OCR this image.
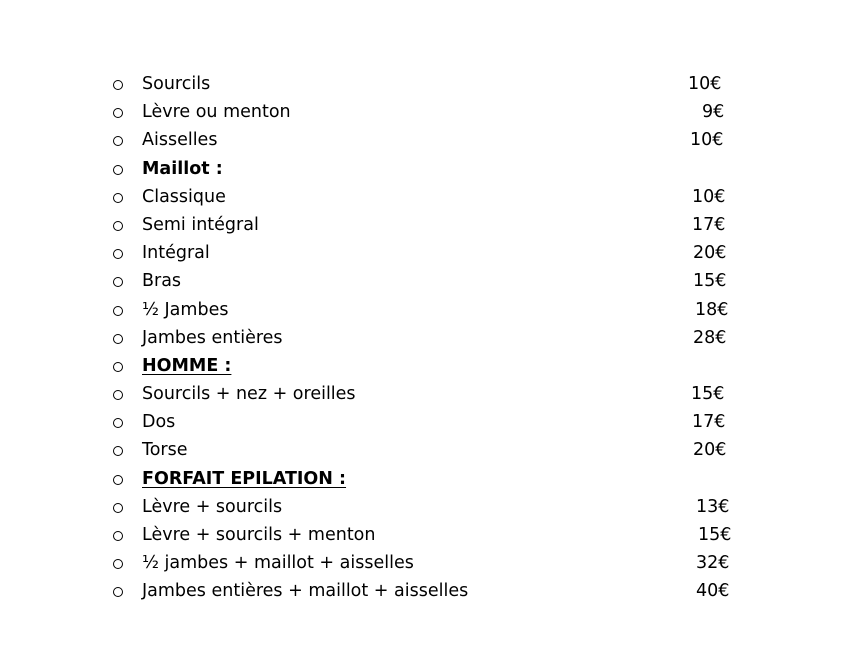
Sourcils	10€
Lèvre ou menton	9€
Aisselles	10€
Maillot :
Classique	10€
Semi intégral	17€
Intégral	20€
Bras	15€
½ Jambes	18€
Jambes entières	28€
HOMME :
Sourcils + nez + oreilles	15€
Dos	17€
Torse	20€
FORFAIT EPILATION :
Lèvre + sourcils	13€
Lèvre + sourcils + menton	15€
½ jambes + maillot + aisselles	32€
Jambes entières + maillot + aisselles	40€
